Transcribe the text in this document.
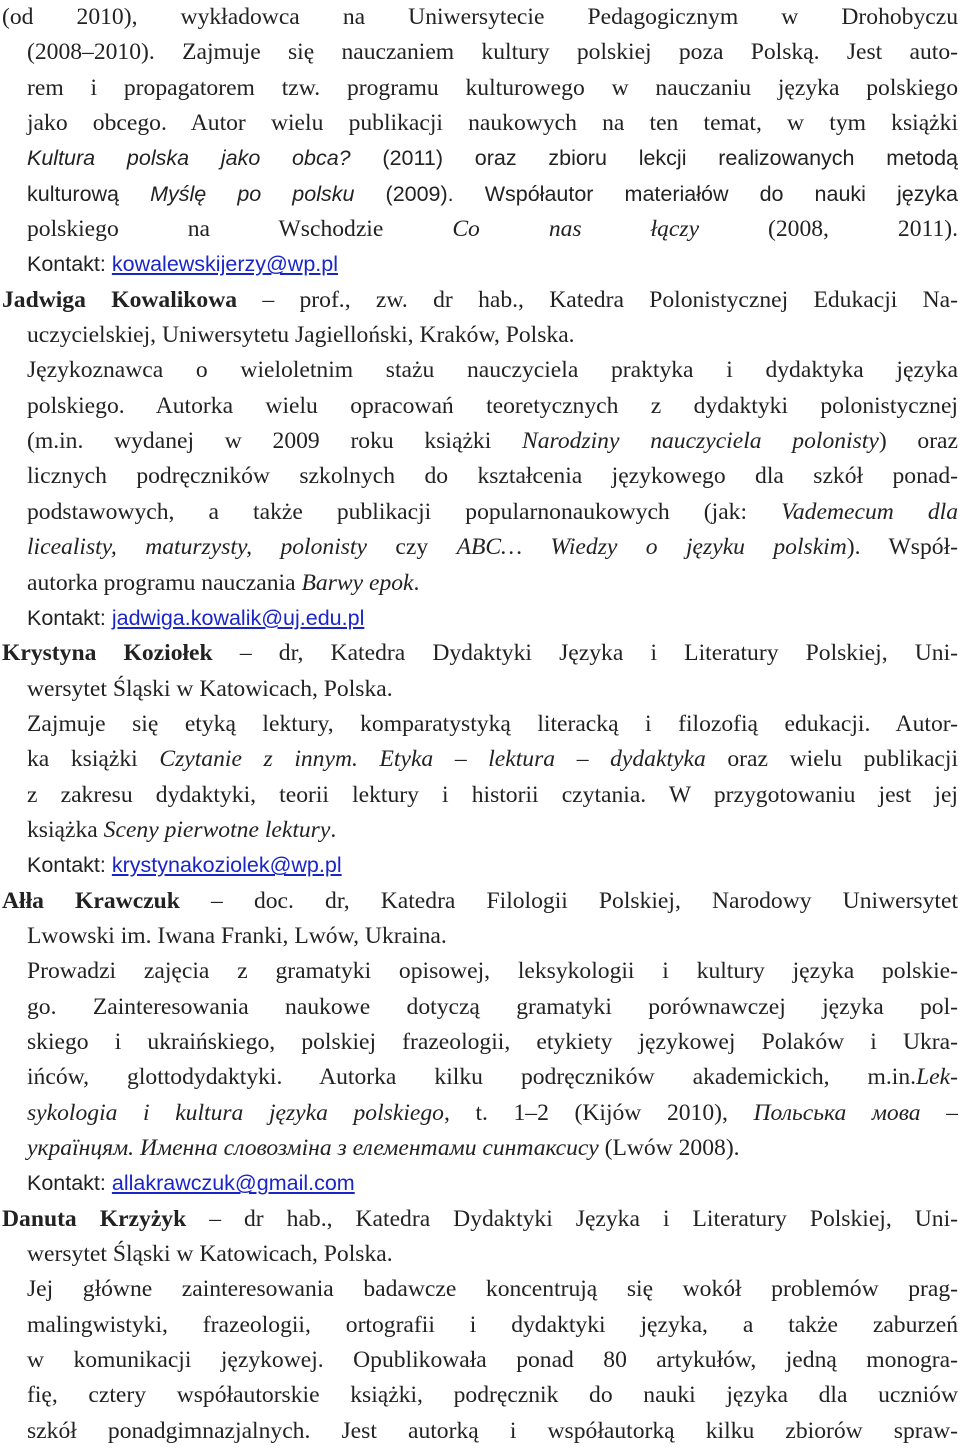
(od 2010), wykładowca na Uniwersytecie Pedagogicznym w Drohobyczu
(2008–2010). Zajmuje się nauczaniem kultury polskiej poza Polską. Jest auto-
rem i propagatorem tzw. programu kulturowego w nauczaniu języka polskiego
jako obcego. Autor wielu publikacji naukowych na ten temat, w tym książki
Kultura polska jako obca? (2011) oraz zbioru lekcji realizowanych metodą
kulturową Myślę po polsku (2009). Współautor materiałów do nauki języka
polskiego na Wschodzie Co nas łączy (2008, 2011).
Kontakt: kowalewskijerzy@wp.pl
Jadwiga Kowalikowa – prof., zw. dr hab., Katedra Polonistycznej Edukacji Na-
uczycielskiej, Uniwersytetu Jagielloński, Kraków, Polska.
Językoznawca o wieloletnim stażu nauczyciela praktyka i dydaktyka języka
polskiego. Autorka wielu opracowań teoretycznych z dydaktyki polonistycznej
(m.in. wydanej w 2009 roku książki Narodziny nauczyciela polonisty) oraz
licznych podręczników szkolnych do kształcenia językowego dla szkół ponad-
podstawowych, a także publikacji popularnonaukowych (jak: Vademecum dla
licealisty, maturzysty, polonisty czy ABC… Wiedzy o języku polskim). Współ-
autorka programu nauczania Barwy epok.
Kontakt: jadwiga.kowalik@uj.edu.pl
Krystyna Koziołek – dr, Katedra Dydaktyki Języka i Literatury Polskiej, Uni-
wersytet Śląski w Katowicach, Polska.
Zajmuje się etyką lektury, komparatystyką literacką i filozofią edukacji. Autor-
ka książki Czytanie z innym. Etyka – lektura – dydaktyka oraz wielu publikacji
z zakresu dydaktyki, teorii lektury i historii czytania. W przygotowaniu jest jej
książka Sceny pierwotne lektury.
Kontakt: krystynakoziolek@wp.pl
Ałła Krawczuk – doc. dr, Katedra Filologii Polskiej, Narodowy Uniwersytet
Lwowski im. Iwana Franki, Lwów, Ukraina.
Prowadzi zajęcia z gramatyki opisowej, leksykologii i kultury języka polskie-
go. Zainteresowania naukowe dotyczą gramatyki porównawczej języka pol-
skiego i ukraińskiego, polskiej frazeologii, etykiety językowej Polaków i Ukra-
ińców, glottodydaktyki. Autorka kilku podręczników akademickich, m.in.Lek-
sykologia i kultura języka polskiego, t. 1–2 (Kijów 2010), Польська мова –
українцям. Именна словозміна з елементами синтаксису (Lwów 2008).
Kontakt: allakrawczuk@gmail.com
Danuta Krzyżyk – dr hab., Katedra Dydaktyki Języka i Literatury Polskiej, Uni-
wersytet Śląski w Katowicach, Polska.
Jej główne zainteresowania badawcze koncentrują się wokół problemów prag-
malingwistyki, frazeologii, ortografii i dydaktyki języka, a także zaburzeń
w komunikacji językowej. Opublikowała ponad 80 artykułów, jedną monogra-
fię, cztery współautorskie książki, podręcznik do nauki języka dla uczniów
szkół ponadgimnazjalnych. Jest autorką i współautorką kilku zbiorów spraw-
